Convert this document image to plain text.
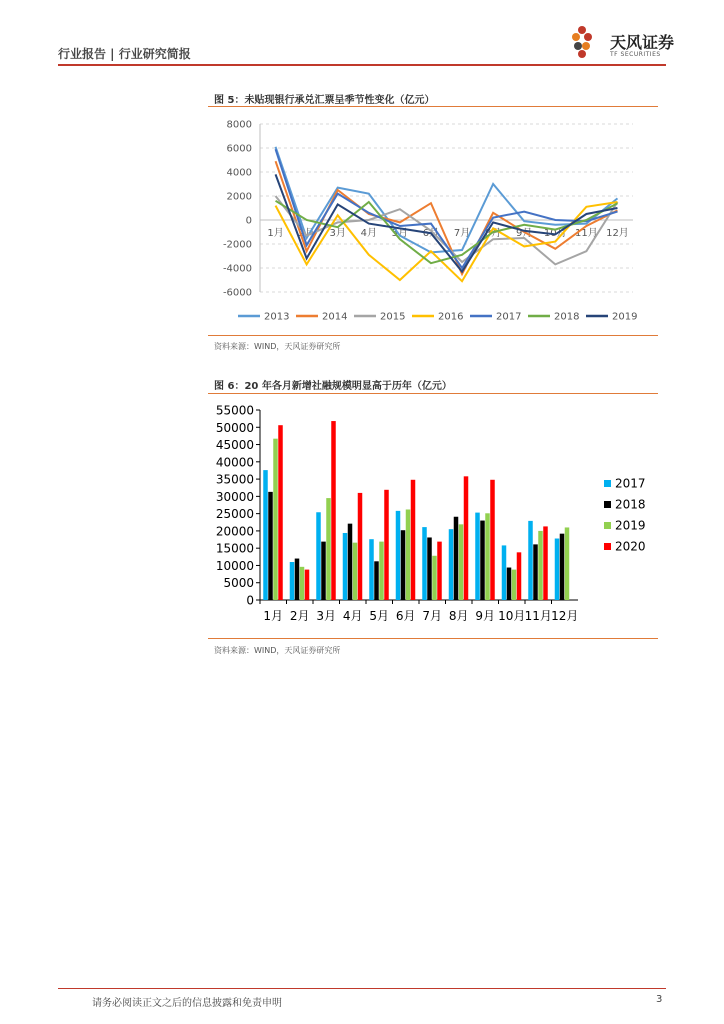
行业报告 | 行业研究简报
天风证券
TF SECURITIES
图 5：未贴现银行承兑汇票呈季节性变化（亿元）
8000
6000
4000
2000
0
-2000
-4000
-6000
1月 2月 3月 4月 5月 6月 7月 8月 9月 10月 11月 12月
2013	2014	2015	2016	2017	2018	2019
资料来源：WIND，天风证券研究所
图 6：20 年各月新增社融规模明显高于历年（亿元）
55000
50000
45000
40000
35000
30000
25000
20000
15000
10000
5000
0
1月 2月 3月 4月 5月 6月 7月 8月 9月 10月 11月 12月
2017
2018
2019
2020
资料来源：WIND，天风证券研究所
请务必阅读正文之后的信息披露和免责申明	3
